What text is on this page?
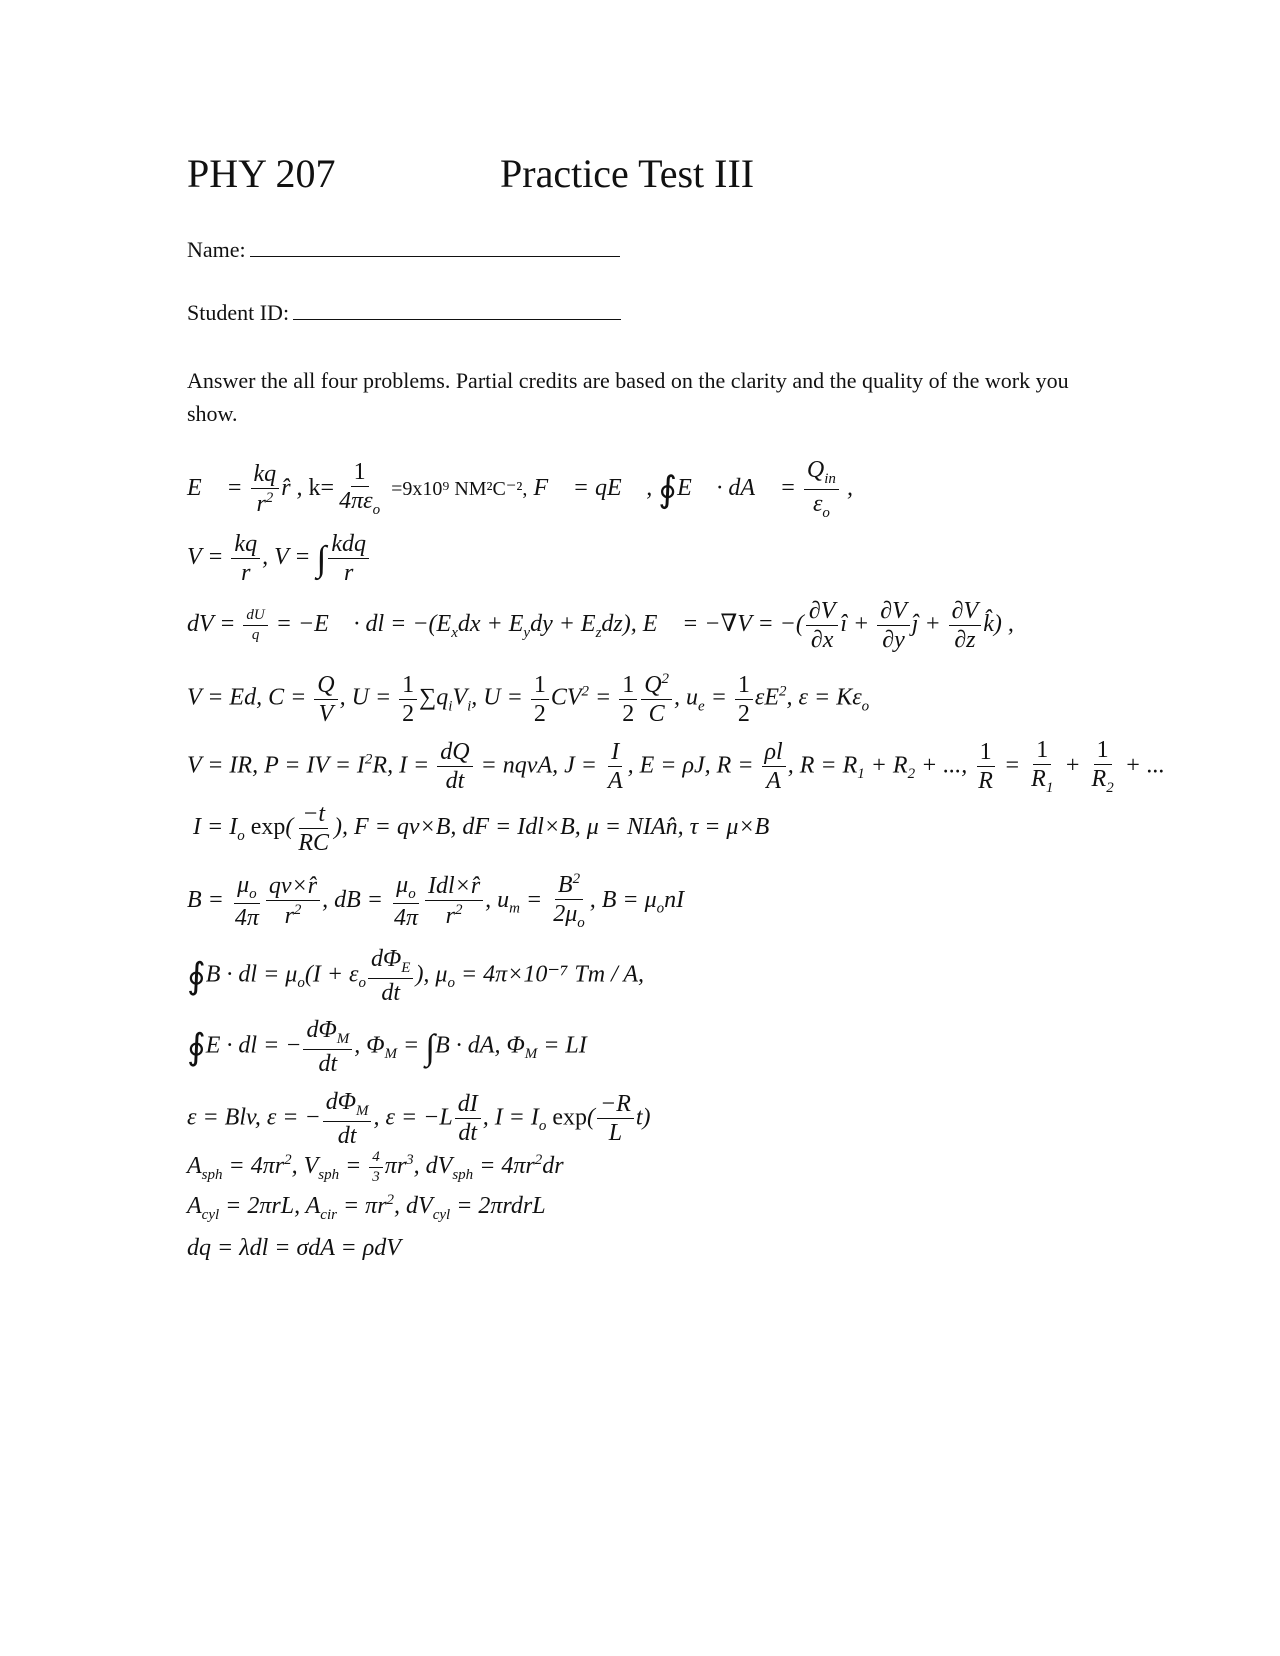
PHY 207	Practice Test III
Name:
Student ID:
Answer the all four problems. Partial credits are based on the clarity and the quality of the work you show.
E⃗ = $\frac{kq}{r^2}$ r̂ , k=
1
$4\pi\varepsilon_o$
=9x10⁹ NM²C⁻², F⃗ = qE⃗ , ∮E⃗ · dA⃗ =
$Q_{in}$
$\varepsilon_o$
,
$V = \frac{kq}{r}$ , V = ∫ kdq
r
dV = $\frac{dU}{q}$ = −E⃗ · dl = $-(E_xdx + E_ydy + E_zdz)$, E⃗ = −∇V = −( $\frac{\partial V}{\partial x}$ î + $\frac{\partial V}{\partial y}$ ĵ + $\frac{\partial V}{\partial z}$ k̂) ,
V = Ed, $C = \frac{Q}{V}$ , $U = \frac{1}{2} \sum q_iV_i$, $U = \frac{1}{2} CV^2 = \frac{1}{2} \frac{Q^2}{C}$ , $u_e = \frac{1}{2} \varepsilon E^2$, $\varepsilon = K\varepsilon_o$
V = IR, P = IV = $I^2R$, $I = \frac{dQ}{dt}$ = nqvA, $J = \frac{I}{A}$ , E = ρJ, $R = \frac{\rho l}{A}$ , $R = R_1 + R_2$ + ..., $\frac{1}{R} = \frac{1}{R_1} + \frac{1}{R_2}$ + ...
$I = I_o$ $\exp( \frac{-t}{RC}$ ), F = qv×B, dF = Idl×B, μ = NIAn̂, τ = μ×B
$B = \frac{\mu_o}{4\pi} \frac{qv\times r̂}{r^2}$ , dB = $\frac{\mu_o}{4\pi}$ Idl×r̂
$r^2$ , $u_m = \frac{B^2}{2\mu_o}$ , $B = \mu_onI$
∮B · dl = $\mu_o(I + \varepsilon_o$
$d\Phi_E$
dt
), $\mu_o = 4\pi\times 10^{-7}$ Tm / A,
∮E · dl = −
$d\Phi_M$
dt
, $\Phi_M = \int B$ · dA, $\Phi_M$ = LI
ε = Blv, ε = −
$d\Phi_M$
dt
, $\varepsilon = -L \frac{dI}{dt}$ , $I = I_o$ $\exp( \frac{-R}{L} t)$
$A_{sph} = 4\pi r^2$, $V_{sph} = \frac{4}{3} \pi r^3$, $dV_{sph} = 4\pi r^2dr$
$A_{cyl} = 2\pi rL$, $A_{cir} = \pi r^2$, $dV_{cyl}$ = 2πrdrL
dq = λdl = σdA = ρdV
